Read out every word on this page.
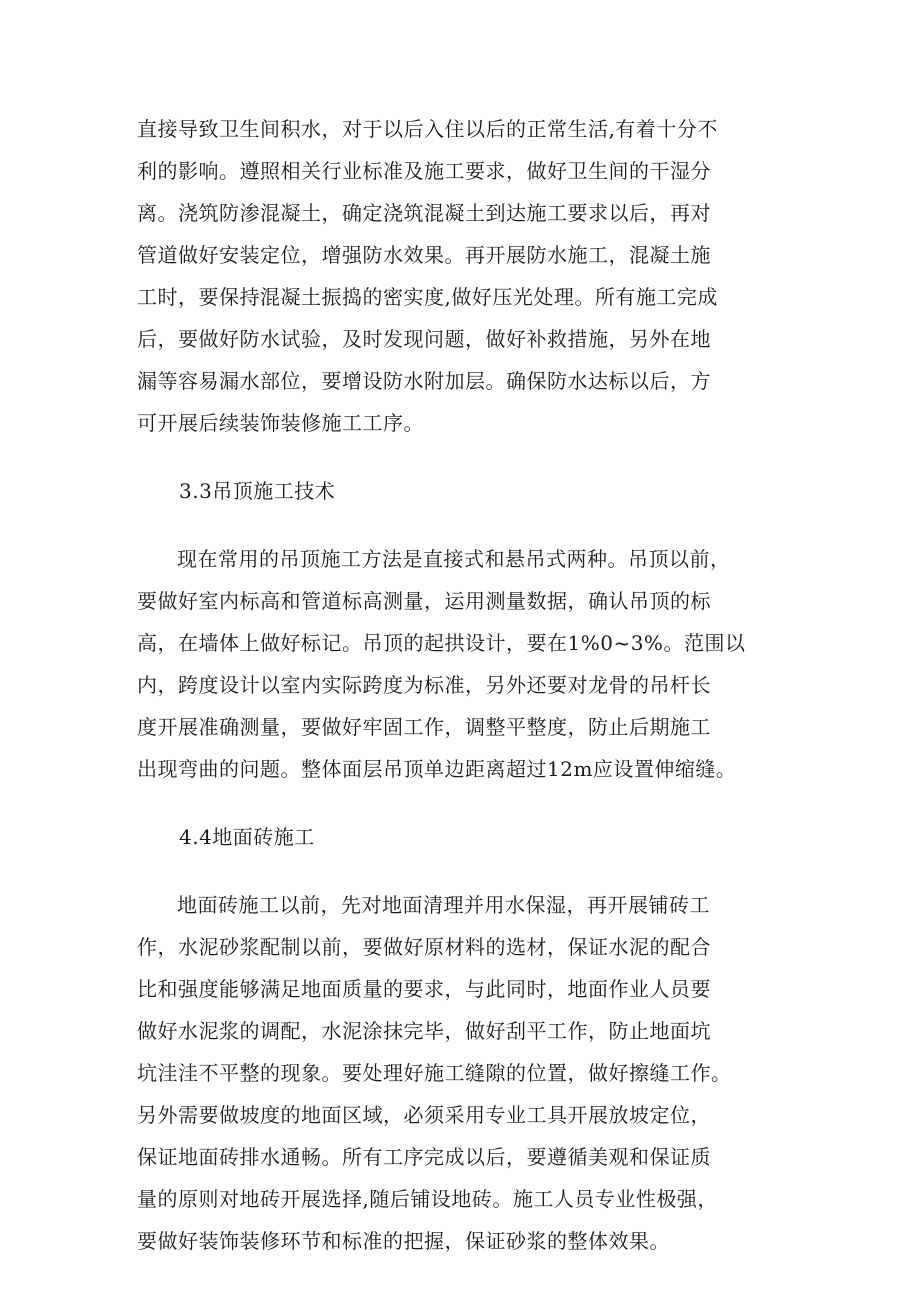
直接导致卫生间积水，对于以后入住以后的正常生活,有着十分不
利的影响。遵照相关行业标准及施工要求，做好卫生间的干湿分
离。浇筑防渗混凝土，确定浇筑混凝土到达施工要求以后，再对
管道做好安装定位，增强防水效果。再开展防水施工，混凝土施
工时，要保持混凝土振捣的密实度,做好压光处理。所有施工完成
后，要做好防水试验，及时发现问题，做好补救措施，另外在地
漏等容易漏水部位，要增设防水附加层。确保防水达标以后，方
可开展后续装饰装修施工工序。
3.3吊顶施工技术
现在常用的吊顶施工方法是直接式和悬吊式两种。吊顶以前，
要做好室内标高和管道标高测量，运用测量数据，确认吊顶的标
高，在墙体上做好标记。吊顶的起拱设计，要在1%0~3%。范围以
内，跨度设计以室内实际跨度为标准，另外还要对龙骨的吊杆长
度开展准确测量，要做好牢固工作，调整平整度，防止后期施工
出现弯曲的问题。整体面层吊顶单边距离超过12m应设置伸缩缝。
4.4地面砖施工
地面砖施工以前，先对地面清理并用水保湿，再开展铺砖工
作，水泥砂浆配制以前，要做好原材料的选材，保证水泥的配合
比和强度能够满足地面质量的要求，与此同时，地面作业人员要
做好水泥浆的调配，水泥涂抹完毕，做好刮平工作，防止地面坑
坑洼洼不平整的现象。要处理好施工缝隙的位置，做好擦缝工作。
另外需要做坡度的地面区域，必须采用专业工具开展放坡定位，
保证地面砖排水通畅。所有工序完成以后，要遵循美观和保证质
量的原则对地砖开展选择,随后铺设地砖。施工人员专业性极强，
要做好装饰装修环节和标准的把握，保证砂浆的整体效果。
